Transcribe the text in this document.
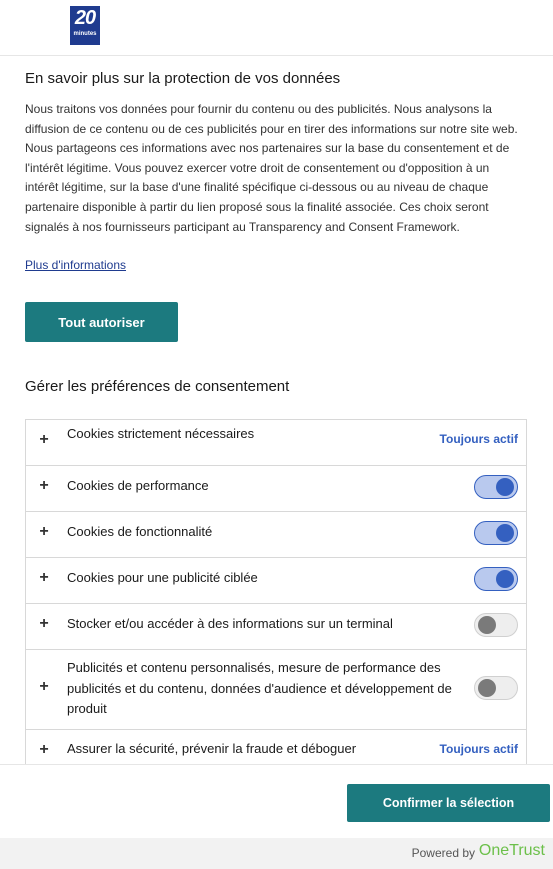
20
minutes
En savoir plus sur la protection de vos données

Nous traitons vos données pour fournir du contenu ou des publicités. Nous analysons la diffusion de ce contenu ou de ces publicités pour en tirer des informations sur notre site web. Nous partageons ces informations avec nos partenaires sur la base du consentement et de l'intérêt légitime. Vous pouvez exercer votre droit de consentement ou d'opposition à un intérêt légitime, sur la base d'une finalité spécifique ci-dessous ou au niveau de chaque partenaire disponible à partir du lien proposé sous la finalité associée. Ces choix seront signalés à nos fournisseurs participant au Transparency and Consent Framework.

Plus d'informations
Tout autoriser
Gérer les préférences de consentement
+ Cookies strictement nécessaires	Toujours actif
+ Cookies de performance
+ Cookies de fonctionnalité
+ Cookies pour une publicité ciblée
+ Stocker et/ou accéder à des informations sur un terminal
+
Publicités et contenu personnalisés, mesure de performance des publicités et du contenu, données d'audience et développement de produit
+ Assurer la sécurité, prévenir la fraude et déboguer	Toujours actif
Confirmer la sélection
Powered by OneTrust
